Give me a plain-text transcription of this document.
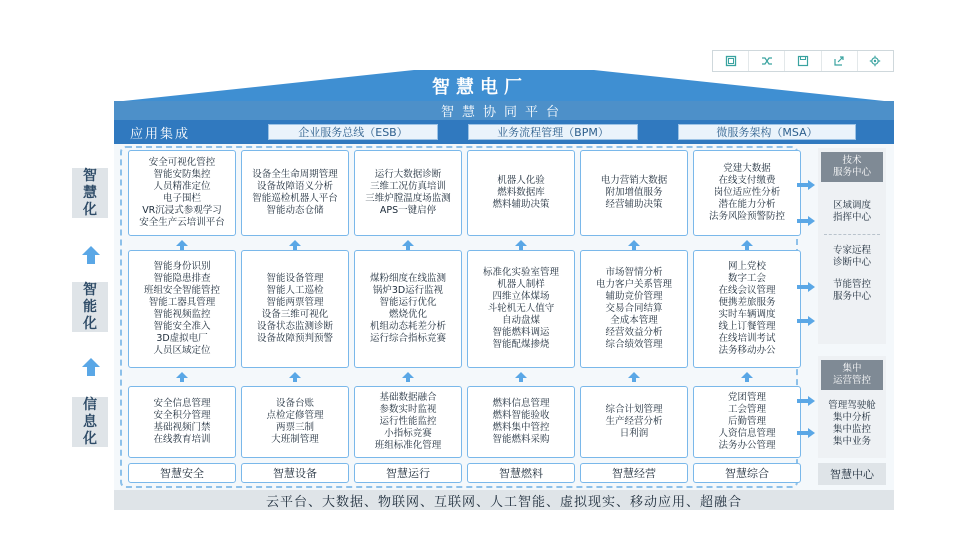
智慧电厂
智慧协同平台
应用集成	企业服务总线（ESB）	业务流程管理（BPM）	微服务架构（MSA）
智慧化
智能化
信息化
安全可视化管控
智能安防集控
人员精准定位
电子围栏
VR沉浸式参观学习
安全生产云培训平台
智能身份识别
智能隐患排查
班组安全智能管控
智能工器具管理
智能视频监控
智能安全准入
3D虚拟电厂
人员区域定位
安全信息管理
安全积分管理
基础视频门禁
在线教育培训
智慧安全
设备全生命周期管理
设备故障语义分析
智能巡检机器人平台
智能动态仓储
智能设备管理
智能人工巡检
智能两票管理
设备三维可视化
设备状态监测诊断
设备故障预判预警
设备台账
点检定修管理
两票三制
大班制管理
智慧设备
运行大数据诊断
三维工况仿真培训
三维炉膛温度场监测
APS一键启停
煤粉细度在线监测
锅炉3D运行监视
智能运行优化
燃烧优化
机组动态耗差分析
运行综合指标竞赛
基础数据融合
参数实时监视
运行性能监控
小指标竞赛
班组标准化管理
智慧运行
机器人化验
燃料数据库
燃料辅助决策
标准化实验室管理
机器人制样
四维立体煤场
斗轮机无人值守
自动盘煤
智能燃料调运
智能配煤掺烧
燃料信息管理
燃料智能验收
燃料集中管控
智能燃料采购
智慧燃料
电力营销大数据
附加增值服务
经营辅助决策
市场智情分析
电力客户关系管理
辅助竞价管理
交易合同结算
全成本管理
经营效益分析
综合绩效管理
综合计划管理
生产经营分析
日利润
智慧经营
党建大数据
在线支付缴费
岗位适应性分析
潜在能力分析
法务风险预警防控
网上党校
数字工会
在线会议管理
便携差旅服务
实时车辆调度
线上订餐管理
在线培训考试
法务移动办公
党团管理
工会管理
后勤管理
人资信息管理
法务办公管理
智慧综合
技术
服务中心
区域调度
指挥中心
专家远程
诊断中心
节能管控
服务中心
集中
运营管控
管理驾驶舱
集中分析
集中监控
集中业务
智慧中心
云平台、大数据、物联网、互联网、人工智能、虚拟现实、移动应用、超融合
